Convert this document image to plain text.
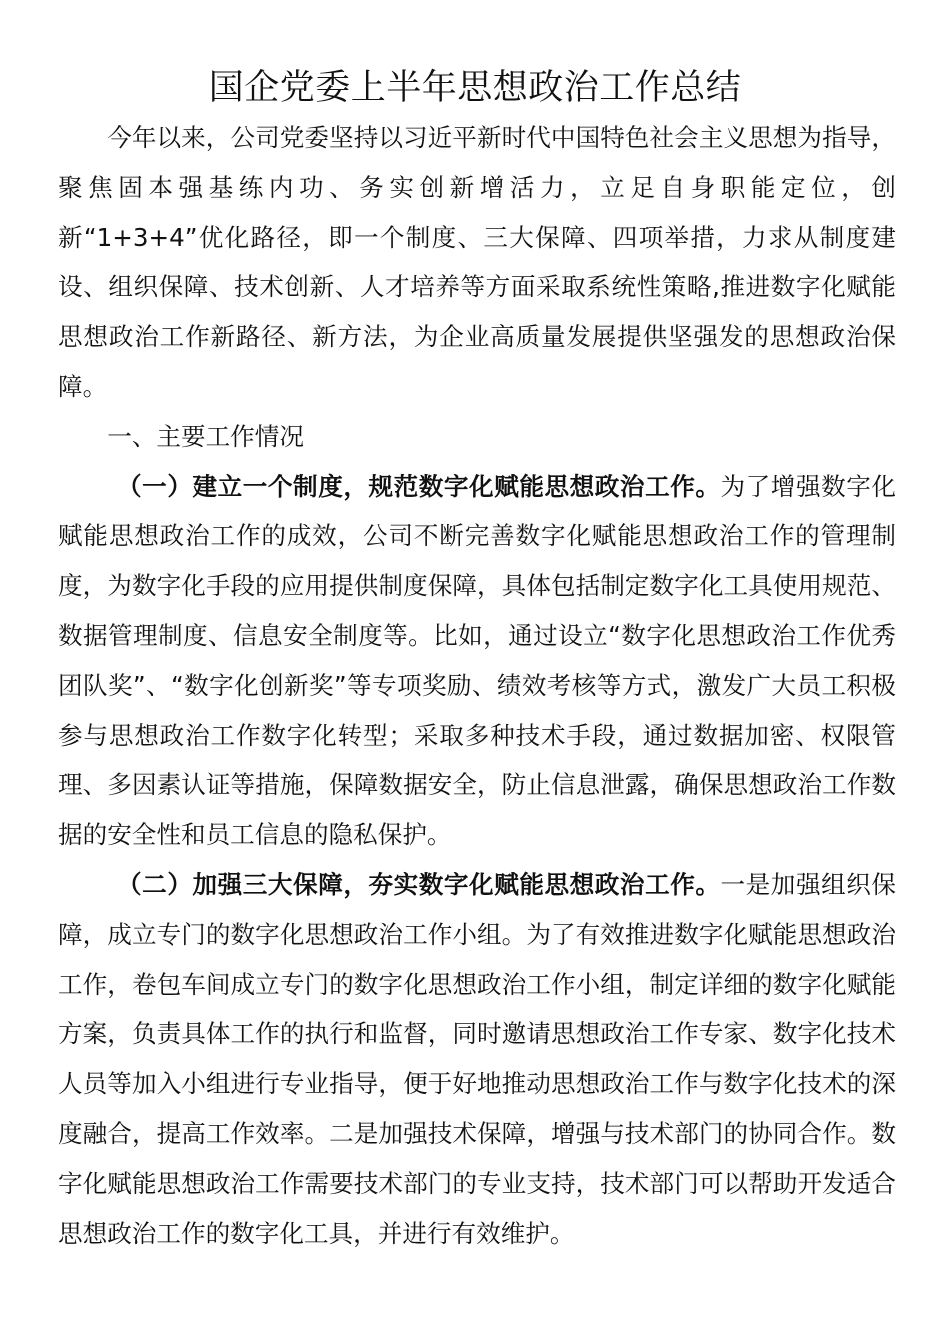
国企党委上半年思想政治工作总结

今年以来，公司党委坚持以习近平新时代中国特色社会主义思想为指导，聚焦固本强基练内功、务实创新增活力，立足自身职能定位，创新“1+3+4”优化路径，即一个制度、三大保障、四项举措，力求从制度建设、组织保障、技术创新、人才培养等方面采取系统性策略,推进数字化赋能思想政治工作新路径、新方法，为企业高质量发展提供坚强发的思想政治保障。

一、主要工作情况

（一）建立一个制度，规范数字化赋能思想政治工作。为了增强数字化赋能思想政治工作的成效，公司不断完善数字化赋能思想政治工作的管理制度，为数字化手段的应用提供制度保障，具体包括制定数字化工具使用规范、数据管理制度、信息安全制度等。比如，通过设立“数字化思想政治工作优秀团队奖”、“数字化创新奖”等专项奖励、绩效考核等方式，激发广大员工积极参与思想政治工作数字化转型；采取多种技术手段，通过数据加密、权限管理、多因素认证等措施，保障数据安全，防止信息泄露，确保思想政治工作数据的安全性和员工信息的隐私保护。

（二）加强三大保障，夯实数字化赋能思想政治工作。一是加强组织保障，成立专门的数字化思想政治工作小组。为了有效推进数字化赋能思想政治工作，卷包车间成立专门的数字化思想政治工作小组，制定详细的数字化赋能方案，负责具体工作的执行和监督，同时邀请思想政治工作专家、数字化技术人员等加入小组进行专业指导，便于好地推动思想政治工作与数字化技术的深度融合，提高工作效率。二是加强技术保障，增强与技术部门的协同合作。数字化赋能思想政治工作需要技术部门的专业支持，技术部门可以帮助开发适合思想政治工作的数字化工具，并进行有效维护。
